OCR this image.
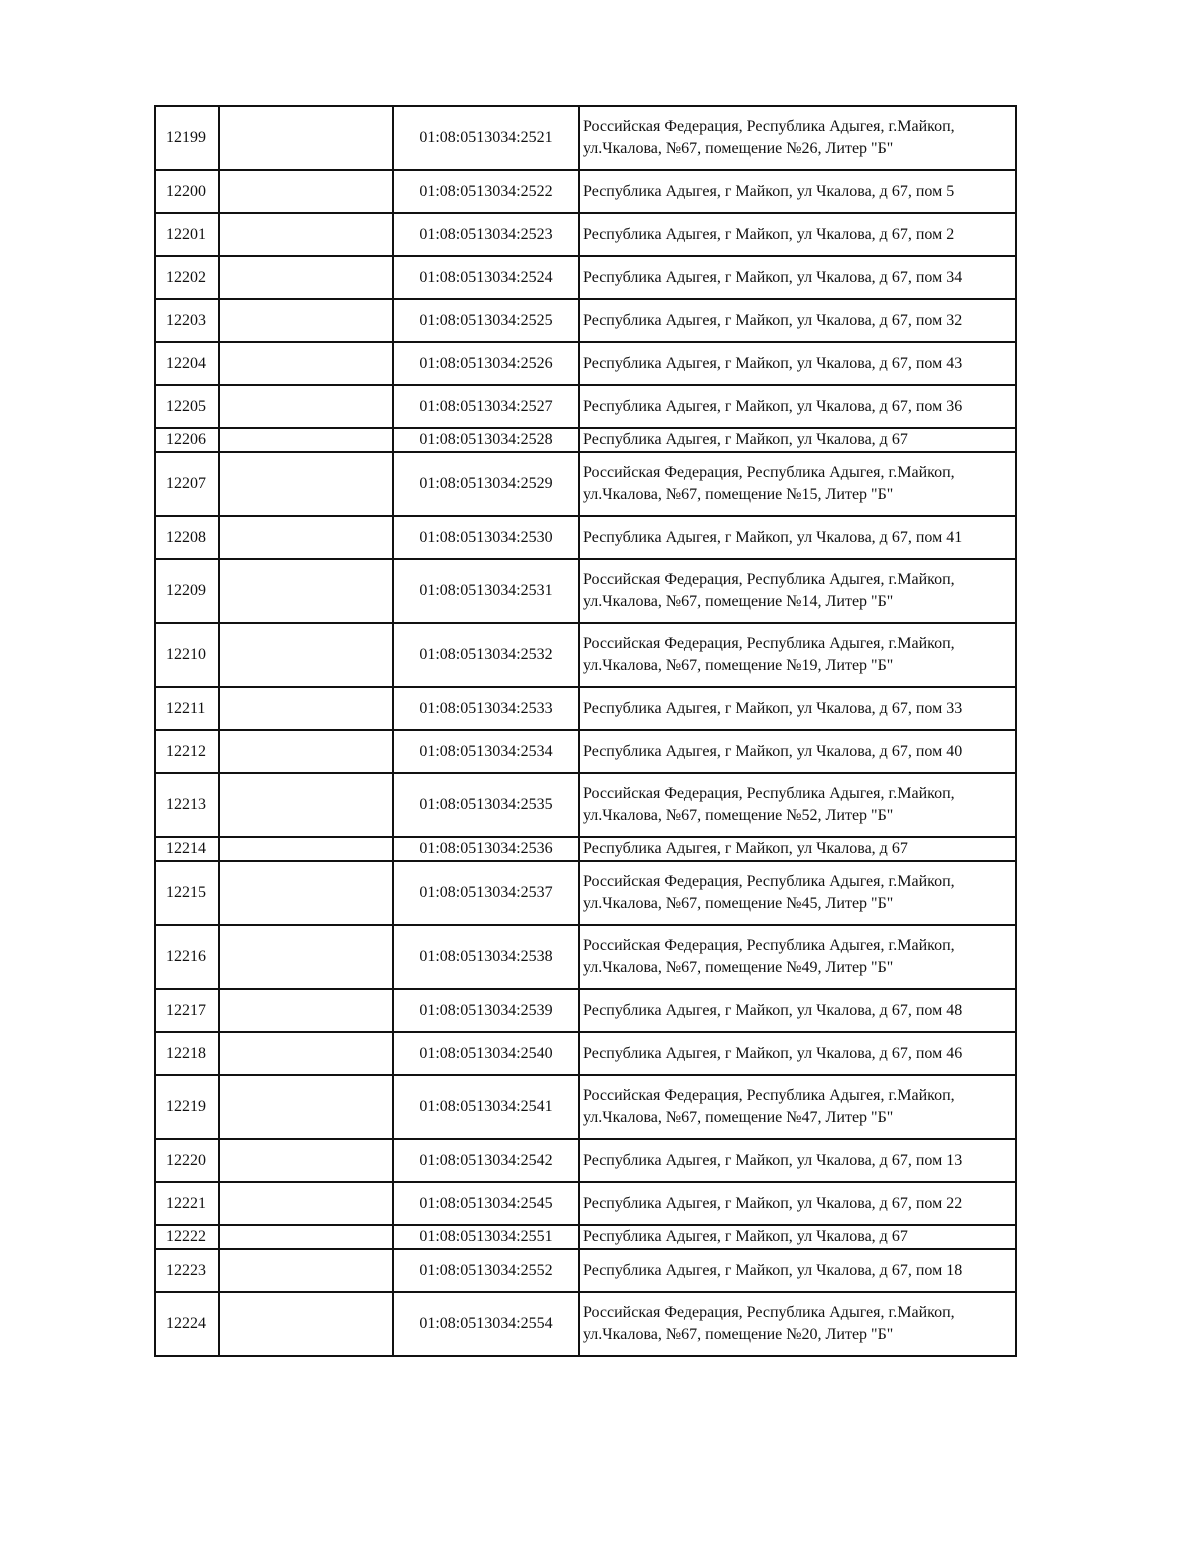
12199		01:08:0513034:2521	Российская Федерация, Республика Адыгея, г.Майкоп, ул.Чкалова, №67, помещение №26, Литер "Б"
12200		01:08:0513034:2522	Республика Адыгея, г Майкоп, ул Чкалова, д 67, пом 5
12201		01:08:0513034:2523	Республика Адыгея, г Майкоп, ул Чкалова, д 67, пом 2
12202		01:08:0513034:2524	Республика Адыгея, г Майкоп, ул Чкалова, д 67, пом 34
12203		01:08:0513034:2525	Республика Адыгея, г Майкоп, ул Чкалова, д 67, пом 32
12204		01:08:0513034:2526	Республика Адыгея, г Майкоп, ул Чкалова, д 67, пом 43
12205		01:08:0513034:2527	Республика Адыгея, г Майкоп, ул Чкалова, д 67, пом 36
12206		01:08:0513034:2528	Республика Адыгея, г Майкоп, ул Чкалова, д 67
12207		01:08:0513034:2529	Российская Федерация, Республика Адыгея, г.Майкоп, ул.Чкалова, №67, помещение №15, Литер "Б"
12208		01:08:0513034:2530	Республика Адыгея, г Майкоп, ул Чкалова, д 67, пом 41
12209		01:08:0513034:2531	Российская Федерация, Республика Адыгея, г.Майкоп, ул.Чкалова, №67, помещение №14, Литер "Б"
12210		01:08:0513034:2532	Российская Федерация, Республика Адыгея, г.Майкоп, ул.Чкалова, №67, помещение №19, Литер "Б"
12211		01:08:0513034:2533	Республика Адыгея, г Майкоп, ул Чкалова, д 67, пом 33
12212		01:08:0513034:2534	Республика Адыгея, г Майкоп, ул Чкалова, д 67, пом 40
12213		01:08:0513034:2535	Российская Федерация, Республика Адыгея, г.Майкоп, ул.Чкалова, №67, помещение №52, Литер "Б"
12214		01:08:0513034:2536	Республика Адыгея, г Майкоп, ул Чкалова, д 67
12215		01:08:0513034:2537	Российская Федерация, Республика Адыгея, г.Майкоп, ул.Чкалова, №67, помещение №45, Литер "Б"
12216		01:08:0513034:2538	Российская Федерация, Республика Адыгея, г.Майкоп, ул.Чкалова, №67, помещение №49, Литер "Б"
12217		01:08:0513034:2539	Республика Адыгея, г Майкоп, ул Чкалова, д 67, пом 48
12218		01:08:0513034:2540	Республика Адыгея, г Майкоп, ул Чкалова, д 67, пом 46
12219		01:08:0513034:2541	Российская Федерация, Республика Адыгея, г.Майкоп, ул.Чкалова, №67, помещение №47, Литер "Б"
12220		01:08:0513034:2542	Республика Адыгея, г Майкоп, ул Чкалова, д 67, пом 13
12221		01:08:0513034:2545	Республика Адыгея, г Майкоп, ул Чкалова, д 67, пом 22
12222		01:08:0513034:2551	Республика Адыгея, г Майкоп, ул Чкалова, д 67
12223		01:08:0513034:2552	Республика Адыгея, г Майкоп, ул Чкалова, д 67, пом 18
12224		01:08:0513034:2554	Российская Федерация, Республика Адыгея, г.Майкоп, ул.Чкалова, №67, помещение №20, Литер "Б"
